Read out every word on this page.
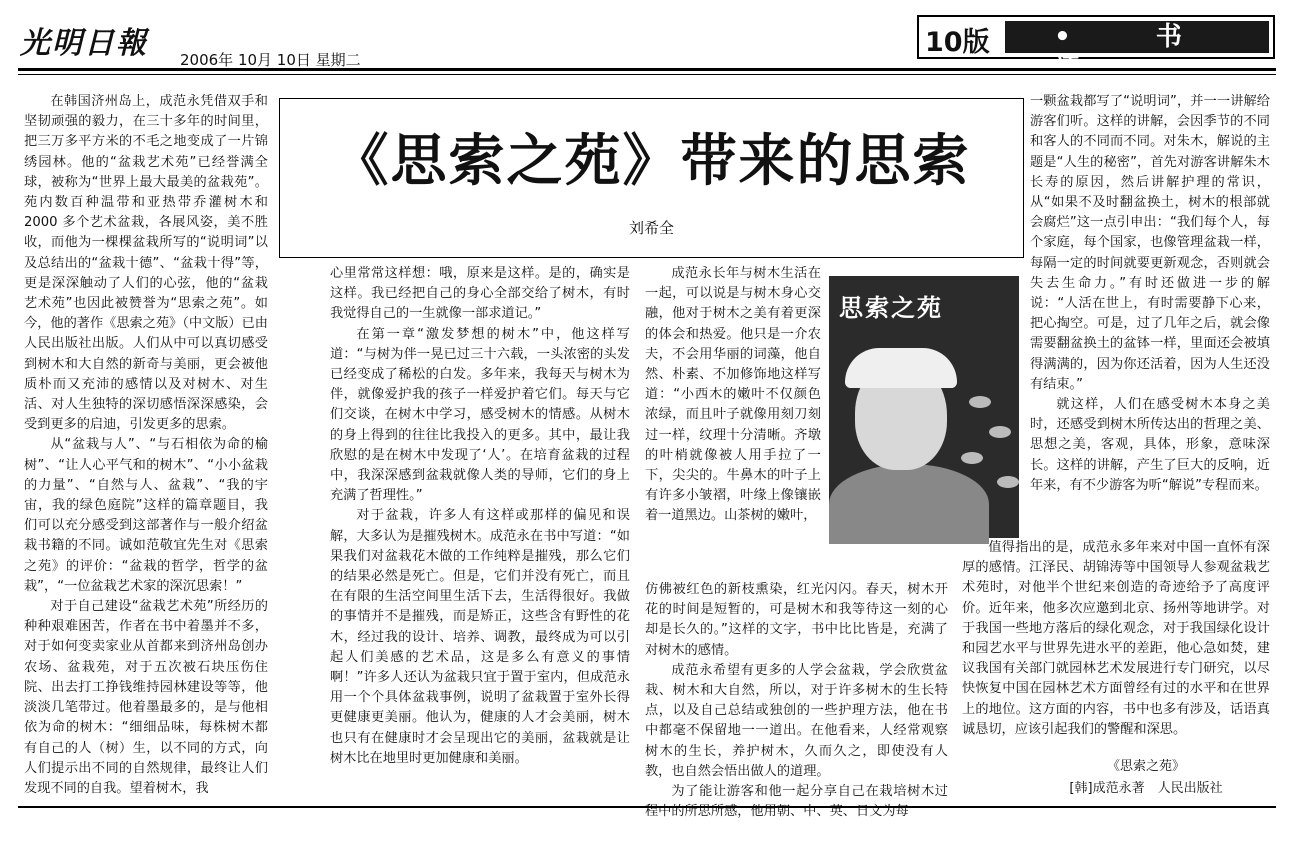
光明日報 2006年 10月 10日 星期二
10版	• 书 评 •
《思索之苑》带来的思索
刘希全

在韩国济州岛上，成范永凭借双手和坚韧顽强的毅力，在三十多年的时间里，把三万多平方米的不毛之地变成了一片锦绣园林。他的“盆栽艺术苑”已经誉满全球，被称为“世界上最大最美的盆栽苑”。苑内数百种温带和亚热带乔灌树木和 2000 多个艺术盆栽，各展风姿，美不胜收，而他为一棵棵盆栽所写的“说明词”以及总结出的“盆栽十德”、“盆栽十得”等，更是深深触动了人们的心弦，他的“盆栽艺术苑”也因此被赞誉为“思索之苑”。如今，他的著作《思索之苑》（中文版）已由人民出版社出版。人们从中可以真切感受到树木和大自然的新奇与美丽，更会被他质朴而又充沛的感情以及对树木、对生活、对人生独特的深切感悟深深感染，会受到更多的启迪，引发更多的思索。

从“盆栽与人”、“与石相依为命的榆树”、“让人心平气和的树木”、“小小盆栽的力量”、“自然与人、盆栽”、“我的宇宙，我的绿色庭院”这样的篇章题目，我们可以充分感受到这部著作与一般介绍盆栽书籍的不同。诚如范敬宜先生对《思索之苑》的评价：“盆栽的哲学，哲学的盆栽”，“一位盆栽艺术家的深沉思索！”

对于自己建设“盆栽艺术苑”所经历的种种艰难困苦，作者在书中着墨并不多，对于如何变卖家业从首都来到济州岛创办农场、盆栽苑，对于五次被石块压伤住院、出去打工挣钱维持园林建设等等，他淡淡几笔带过。他着墨最多的，是与他相依为命的树木：“细细品味，每株树木都有自己的人（树）生，以不同的方式，向人们提示出不同的自然规律，最终让人们发现不同的自我。望着树木，我

心里常常这样想：哦，原来是这样。是的，确实是这样。我已经把自己的身心全部交给了树木，有时我觉得自己的一生就像一部求道记。”

在第一章“激发梦想的树木”中，他这样写道：“与树为伴一晃已过三十六载，一头浓密的头发已经变成了稀松的白发。多年来，我每天与树木为伴，就像爱护我的孩子一样爱护着它们。每天与它们交谈，在树木中学习，感受树木的情感。从树木的身上得到的往往比我投入的更多。其中，最让我欣慰的是在树木中发现了‘人’。在培育盆栽的过程中，我深深感到盆栽就像人类的导师，它们的身上充满了哲理性。”

对于盆栽，许多人有这样或那样的偏见和误解，大多认为是摧残树木。成范永在书中写道：“如果我们对盆栽花木做的工作纯粹是摧残，那么它们的结果必然是死亡。但是，它们并没有死亡，而且在有限的生活空间里生活下去，生活得很好。我做的事情并不是摧残，而是矫正，这些含有野性的花木，经过我的设计、培养、调教，最终成为可以引起人们美感的艺术品，这是多么有意义的事情啊！”许多人还认为盆栽只宜于置于室内，但成范永用一个个具体盆栽事例，说明了盆栽置于室外长得更健康更美丽。他认为，健康的人才会美丽，树木也只有在健康时才会呈现出它的美丽，盆栽就是让树木比在地里时更加健康和美丽。

成范永长年与树木生活在一起，可以说是与树木身心交融，他对于树木之美有着更深的体会和热爱。他只是一介农夫，不会用华丽的词藻，他自然、朴素、不加修饰地这样写道：“小西木的嫩叶不仅颜色浓绿，而且叶子就像用刻刀刻过一样，纹理十分清晰。齐墩的叶梢就像被人用手拉了一下，尖尖的。牛鼻木的叶子上有许多小皱褶，叶缘上像镶嵌着一道黑边。山茶树的嫩叶，

思索之苑

仿佛被红色的新枝熏染，红光闪闪。春天，树木开花的时间是短暂的，可是树木和我等待这一刻的心却是长久的。”这样的文字，书中比比皆是，充满了对树木的感情。

成范永希望有更多的人学会盆栽，学会欣赏盆栽、树木和大自然，所以，对于许多树木的生长特点，以及自己总结或独创的一些护理方法，他在书中都毫不保留地一一道出。在他看来，人经常观察树木的生长，养护树木，久而久之，即使没有人教，也自然会悟出做人的道理。

为了能让游客和他一起分享自己在栽培树木过程中的所思所感，他用朝、中、英、日文为每

一颗盆栽都写了“说明词”，并一一讲解给游客们听。这样的讲解，会因季节的不同和客人的不同而不同。对朱木，解说的主题是“人生的秘密”，首先对游客讲解朱木长寿的原因，然后讲解护理的常识，从“如果不及时翻盆换土，树木的根部就会腐烂”这一点引申出：“我们每个人，每个家庭，每个国家，也像管理盆栽一样，每隔一定的时间就要更新观念，否则就会失去生命力。”有时还做进一步的解说：“人活在世上，有时需要静下心来，把心掏空。可是，过了几年之后，就会像需要翻盆换土的盆钵一样，里面还会被填得满满的，因为你还活着，因为人生还没有结束。”

就这样，人们在感受树木本身之美时，还感受到树木所传达出的哲理之美、思想之美，客观，具体，形象，意味深长。这样的讲解，产生了巨大的反响，近年来，有不少游客为听“解说”专程而来。

值得指出的是，成范永多年来对中国一直怀有深厚的感情。江泽民、胡锦涛等中国领导人参观盆栽艺术苑时，对他半个世纪来创造的奇迹给予了高度评价。近年来，他多次应邀到北京、扬州等地讲学。对于我国一些地方落后的绿化观念，对于我国绿化设计和园艺水平与世界先进水平的差距，他心急如焚，建议我国有关部门就园林艺术发展进行专门研究，以尽快恢复中国在园林艺术方面曾经有过的水平和在世界上的地位。这方面的内容，书中也多有涉及，话语真诚恳切，应该引起我们的警醒和深思。

《思索之苑》
[韩]成范永著　人民出版社
